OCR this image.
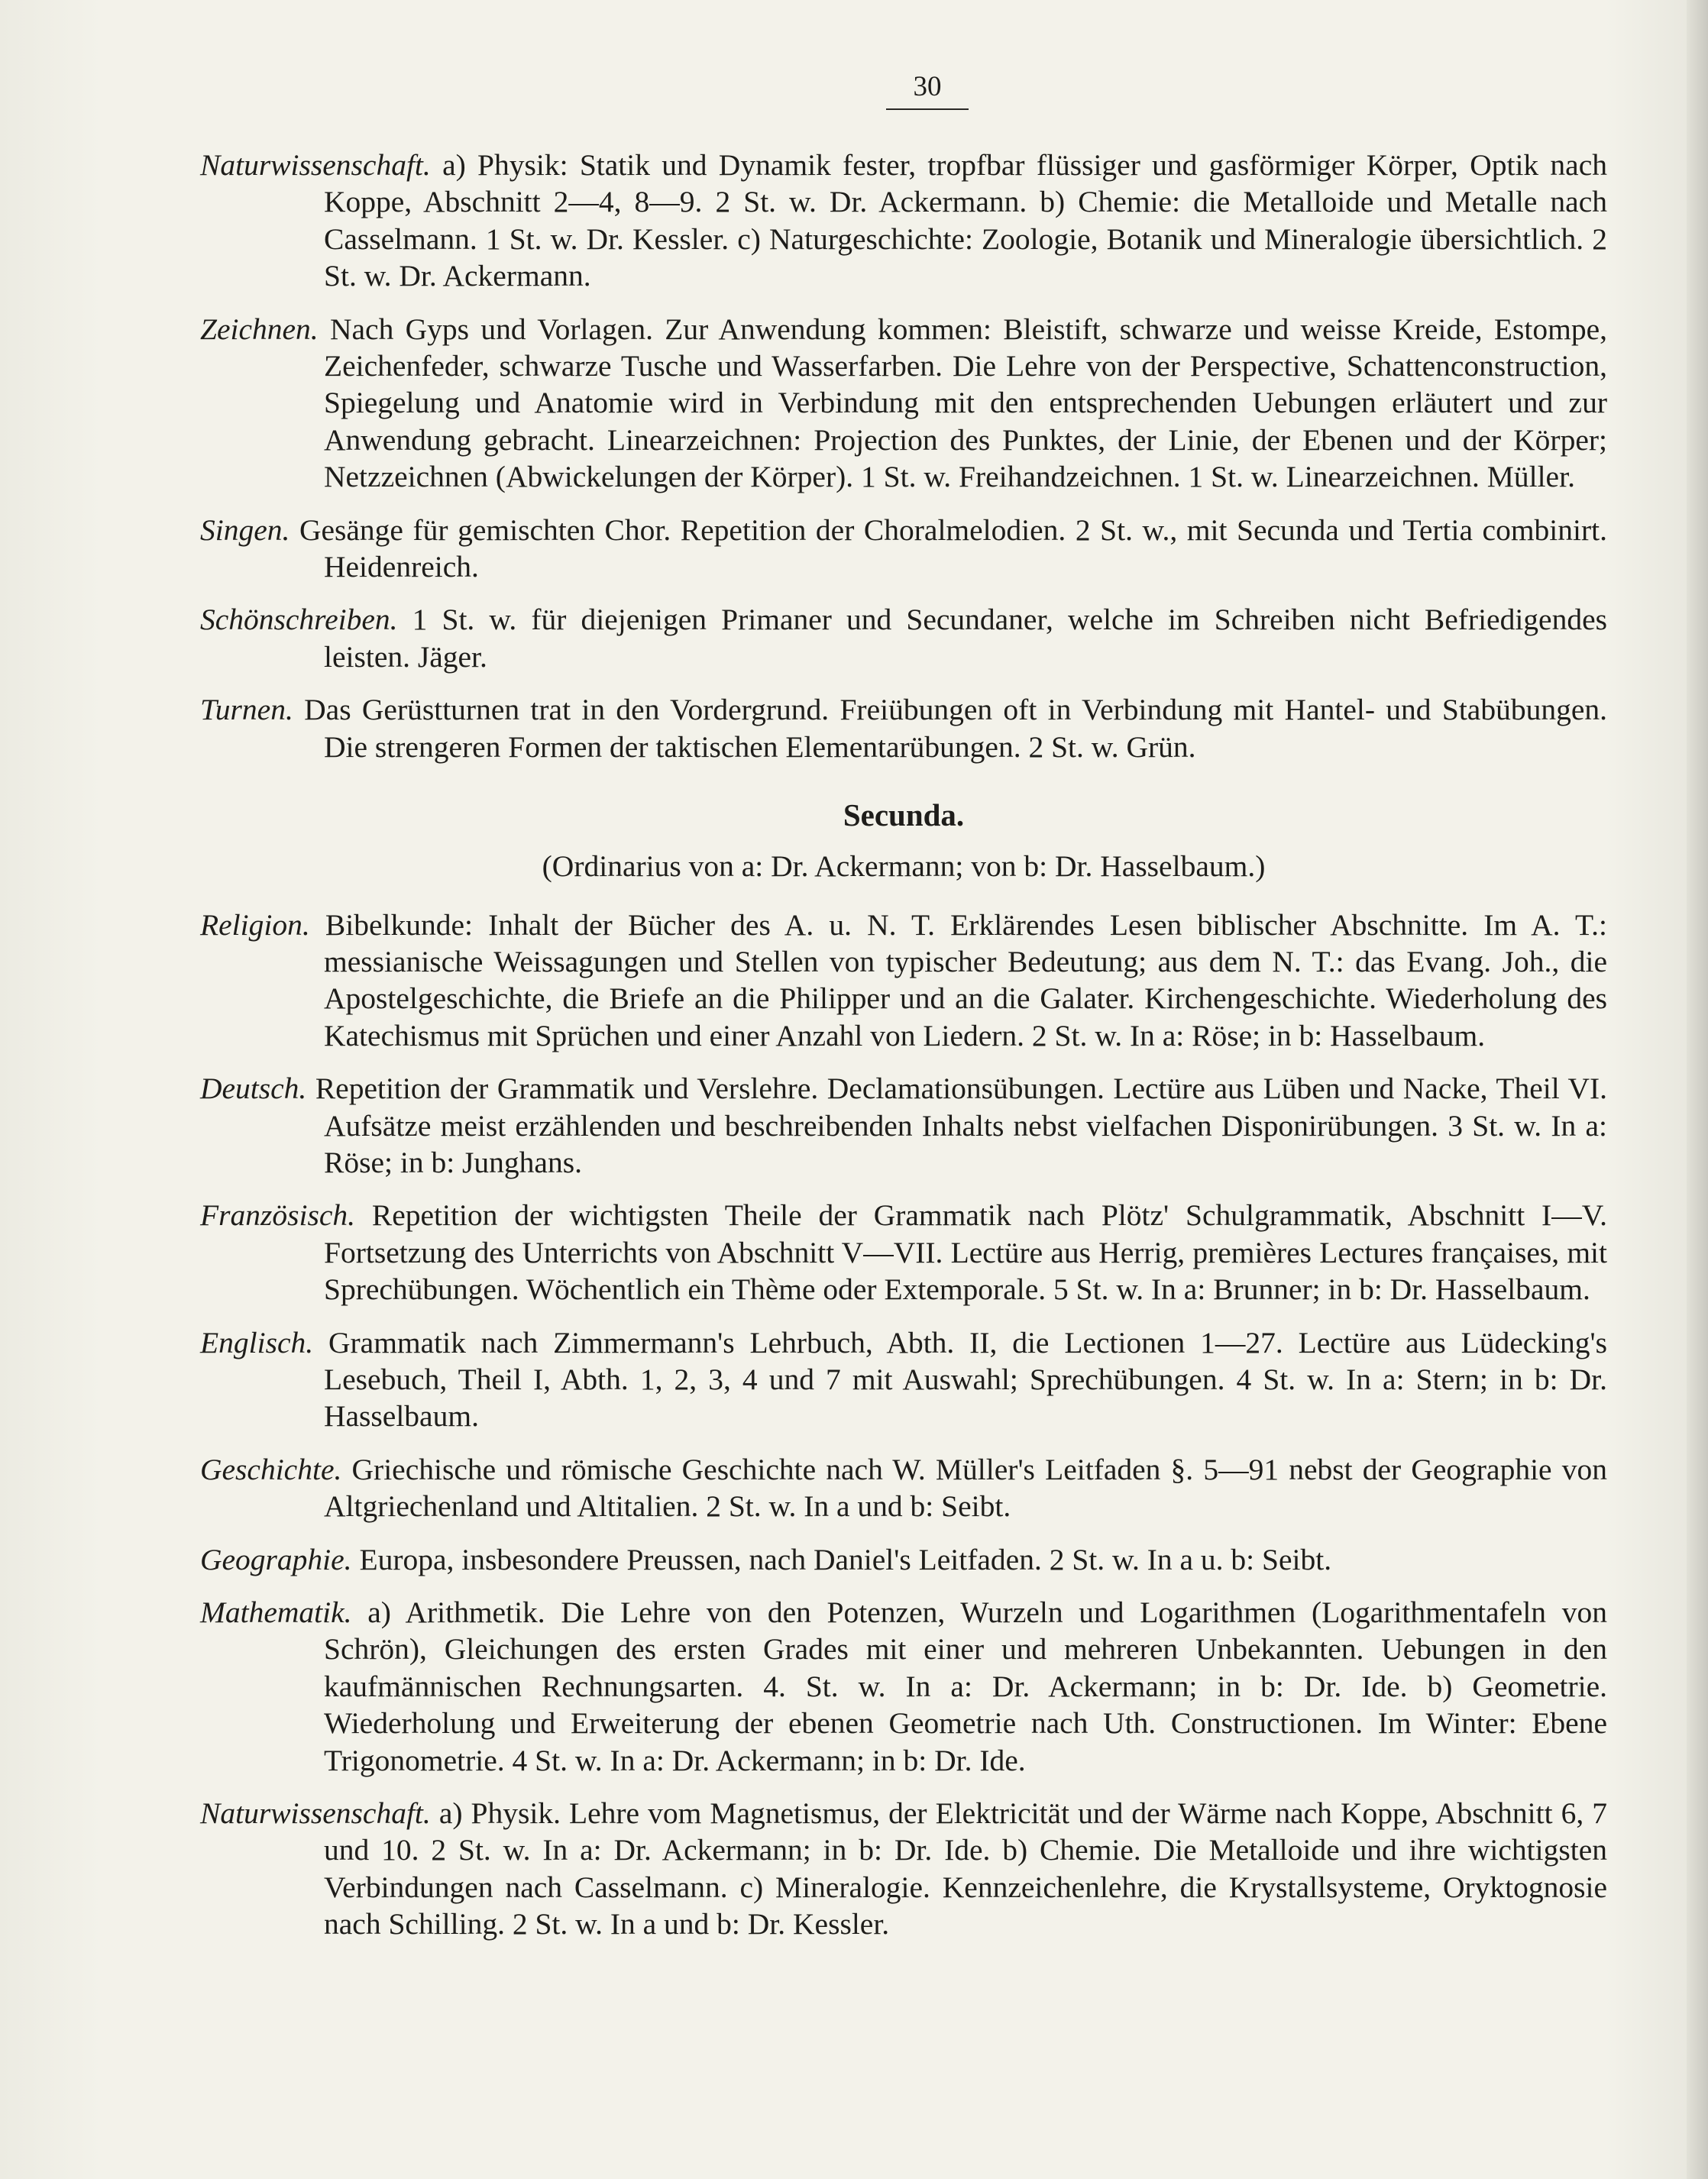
30
Naturwissenschaft. a) Physik: Statik und Dynamik fester, tropfbar flüssiger und gasförmiger Körper, Optik nach Koppe, Abschnitt 2—4, 8—9. 2 St. w. Dr. Ackermann. b) Chemie: die Metalloide und Metalle nach Casselmann. 1 St. w. Dr. Kessler. c) Naturgeschichte: Zoologie, Botanik und Mineralogie übersichtlich. 2 St. w. Dr. Ackermann.
Zeichnen. Nach Gyps und Vorlagen. Zur Anwendung kommen: Bleistift, schwarze und weisse Kreide, Estompe, Zeichenfeder, schwarze Tusche und Wasserfarben. Die Lehre von der Perspective, Schattenconstruction, Spiegelung und Anatomie wird in Verbindung mit den entsprechenden Uebungen erläutert und zur Anwendung gebracht. Linearzeichnen: Projection des Punktes, der Linie, der Ebenen und der Körper; Netzzeichnen (Abwickelungen der Körper). 1 St. w. Freihandzeichnen. 1 St. w. Linearzeichnen. Müller.
Singen. Gesänge für gemischten Chor. Repetition der Choralmelodien. 2 St. w., mit Secunda und Tertia combinirt. Heidenreich.
Schönschreiben. 1 St. w. für diejenigen Primaner und Secundaner, welche im Schreiben nicht Befriedigendes leisten. Jäger.
Turnen. Das Gerüstturnen trat in den Vordergrund. Freiübungen oft in Verbindung mit Hantel- und Stabübungen. Die strengeren Formen der taktischen Elementarübungen. 2 St. w. Grün.
Secunda.
(Ordinarius von a: Dr. Ackermann; von b: Dr. Hasselbaum.)
Religion. Bibelkunde: Inhalt der Bücher des A. u. N. T. Erklärendes Lesen biblischer Abschnitte. Im A. T.: messianische Weissagungen und Stellen von typischer Bedeutung; aus dem N. T.: das Evang. Joh., die Apostelgeschichte, die Briefe an die Philipper und an die Galater. Kirchengeschichte. Wiederholung des Katechismus mit Sprüchen und einer Anzahl von Liedern. 2 St. w. In a: Röse; in b: Hasselbaum.
Deutsch. Repetition der Grammatik und Verslehre. Declamationsübungen. Lectüre aus Lüben und Nacke, Theil VI. Aufsätze meist erzählenden und beschreibenden Inhalts nebst vielfachen Disponirübungen. 3 St. w. In a: Röse; in b: Junghans.
Französisch. Repetition der wichtigsten Theile der Grammatik nach Plötz' Schulgrammatik, Abschnitt I—V. Fortsetzung des Unterrichts von Abschnitt V—VII. Lectüre aus Herrig, premières Lectures françaises, mit Sprechübungen. Wöchentlich ein Thème oder Extemporale. 5 St. w. In a: Brunner; in b: Dr. Hasselbaum.
Englisch. Grammatik nach Zimmermann's Lehrbuch, Abth. II, die Lectionen 1—27. Lectüre aus Lüdecking's Lesebuch, Theil I, Abth. 1, 2, 3, 4 und 7 mit Auswahl; Sprechübungen. 4 St. w. In a: Stern; in b: Dr. Hasselbaum.
Geschichte. Griechische und römische Geschichte nach W. Müller's Leitfaden §. 5—91 nebst der Geographie von Altgriechenland und Altitalien. 2 St. w. In a und b: Seibt.
Geographie. Europa, insbesondere Preussen, nach Daniel's Leitfaden. 2 St. w. In a u. b: Seibt.
Mathematik. a) Arithmetik. Die Lehre von den Potenzen, Wurzeln und Logarithmen (Logarithmentafeln von Schrön), Gleichungen des ersten Grades mit einer und mehreren Unbekannten. Uebungen in den kaufmännischen Rechnungsarten. 4. St. w. In a: Dr. Ackermann; in b: Dr. Ide. b) Geometrie. Wiederholung und Erweiterung der ebenen Geometrie nach Uth. Constructionen. Im Winter: Ebene Trigonometrie. 4 St. w. In a: Dr. Ackermann; in b: Dr. Ide.
Naturwissenschaft. a) Physik. Lehre vom Magnetismus, der Elektricität und der Wärme nach Koppe, Abschnitt 6, 7 und 10. 2 St. w. In a: Dr. Ackermann; in b: Dr. Ide. b) Chemie. Die Metalloide und ihre wichtigsten Verbindungen nach Casselmann. c) Mineralogie. Kennzeichenlehre, die Krystallsysteme, Oryktognosie nach Schilling. 2 St. w. In a und b: Dr. Kessler.
